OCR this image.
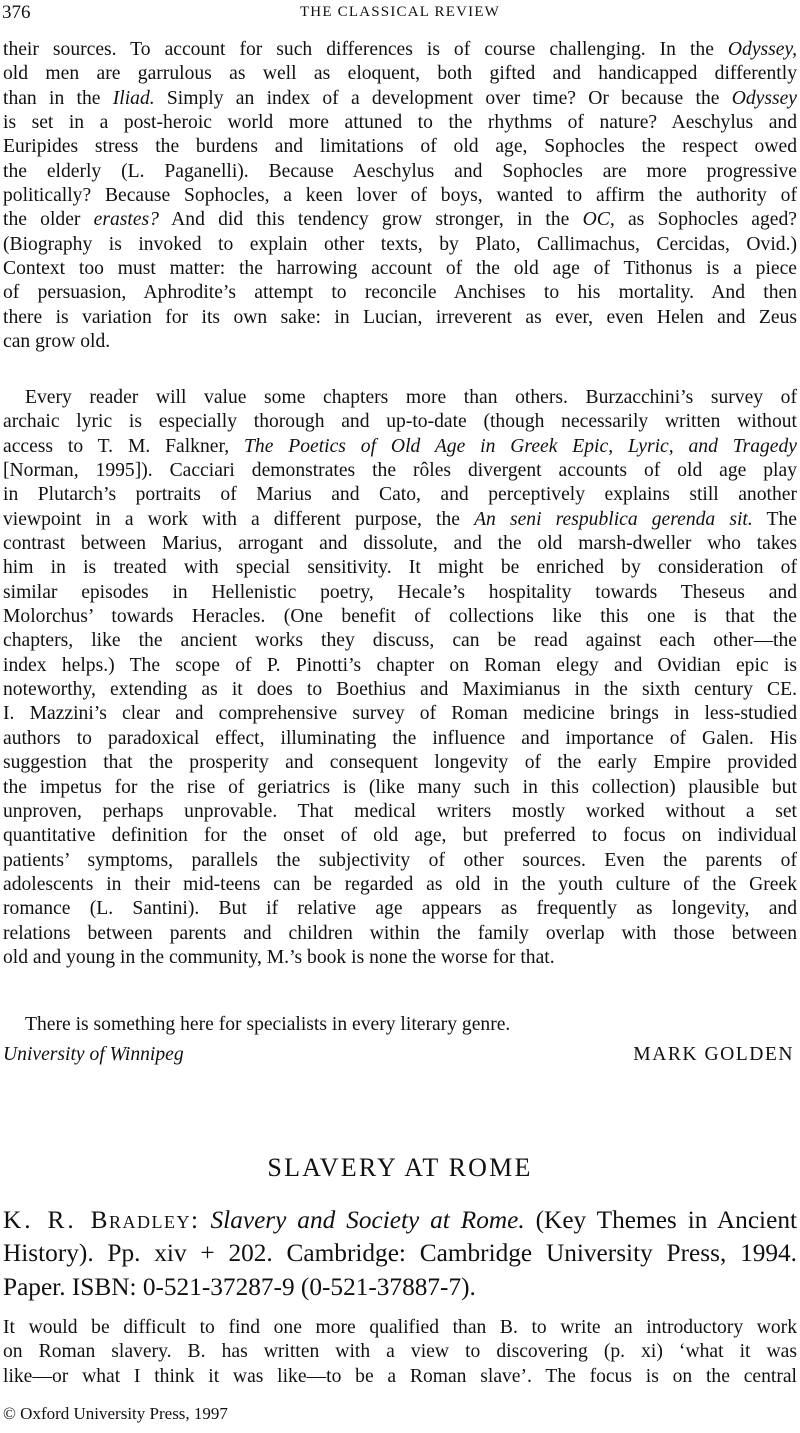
376	THE CLASSICAL REVIEW
their sources. To account for such differences is of course challenging. In the Odyssey,
old men are garrulous as well as eloquent, both gifted and handicapped differently
than in the Iliad. Simply an index of a development over time? Or because the Odyssey
is set in a post-heroic world more attuned to the rhythms of nature? Aeschylus and
Euripides stress the burdens and limitations of old age, Sophocles the respect owed
the elderly (L. Paganelli). Because Aeschylus and Sophocles are more progressive
politically? Because Sophocles, a keen lover of boys, wanted to affirm the authority of
the older erastes? And did this tendency grow stronger, in the OC, as Sophocles aged?
(Biography is invoked to explain other texts, by Plato, Callimachus, Cercidas, Ovid.)
Context too must matter: the harrowing account of the old age of Tithonus is a piece
of persuasion, Aphrodite’s attempt to reconcile Anchises to his mortality. And then
there is variation for its own sake: in Lucian, irreverent as ever, even Helen and Zeus
can grow old.
Every reader will value some chapters more than others. Burzacchini’s survey of
archaic lyric is especially thorough and up-to-date (though necessarily written without
access to T. M. Falkner, The Poetics of Old Age in Greek Epic, Lyric, and Tragedy
[Norman, 1995]). Cacciari demonstrates the rôles divergent accounts of old age play
in Plutarch’s portraits of Marius and Cato, and perceptively explains still another
viewpoint in a work with a different purpose, the An seni respublica gerenda sit. The
contrast between Marius, arrogant and dissolute, and the old marsh-dweller who takes
him in is treated with special sensitivity. It might be enriched by consideration of
similar episodes in Hellenistic poetry, Hecale’s hospitality towards Theseus and
Molorchus’ towards Heracles. (One benefit of collections like this one is that the
chapters, like the ancient works they discuss, can be read against each other—the
index helps.) The scope of P. Pinotti’s chapter on Roman elegy and Ovidian epic is
noteworthy, extending as it does to Boethius and Maximianus in the sixth century CE.
I. Mazzini’s clear and comprehensive survey of Roman medicine brings in less-studied
authors to paradoxical effect, illuminating the influence and importance of Galen. His
suggestion that the prosperity and consequent longevity of the early Empire provided
the impetus for the rise of geriatrics is (like many such in this collection) plausible but
unproven, perhaps unprovable. That medical writers mostly worked without a set
quantitative definition for the onset of old age, but preferred to focus on individual
patients’ symptoms, parallels the subjectivity of other sources. Even the parents of
adolescents in their mid-teens can be regarded as old in the youth culture of the Greek
romance (L. Santini). But if relative age appears as frequently as longevity, and
relations between parents and children within the family overlap with those between
old and young in the community, M.’s book is none the worse for that.
There is something here for specialists in every literary genre.
University of Winnipeg	MARK GOLDEN
SLAVERY AT ROME

K. R. Bradley: Slavery and Society at Rome. (Key Themes in Ancient History). Pp. xiv + 202. Cambridge: Cambridge University Press, 1994. Paper. ISBN: 0-521-37287-9 (0-521-37887-7).

It would be difficult to find one more qualified than B. to write an introductory work
on Roman slavery. B. has written with a view to discovering (p. xi) ‘what it was
like—or what I think it was like—to be a Roman slave’. The focus is on the central
© Oxford University Press, 1997
